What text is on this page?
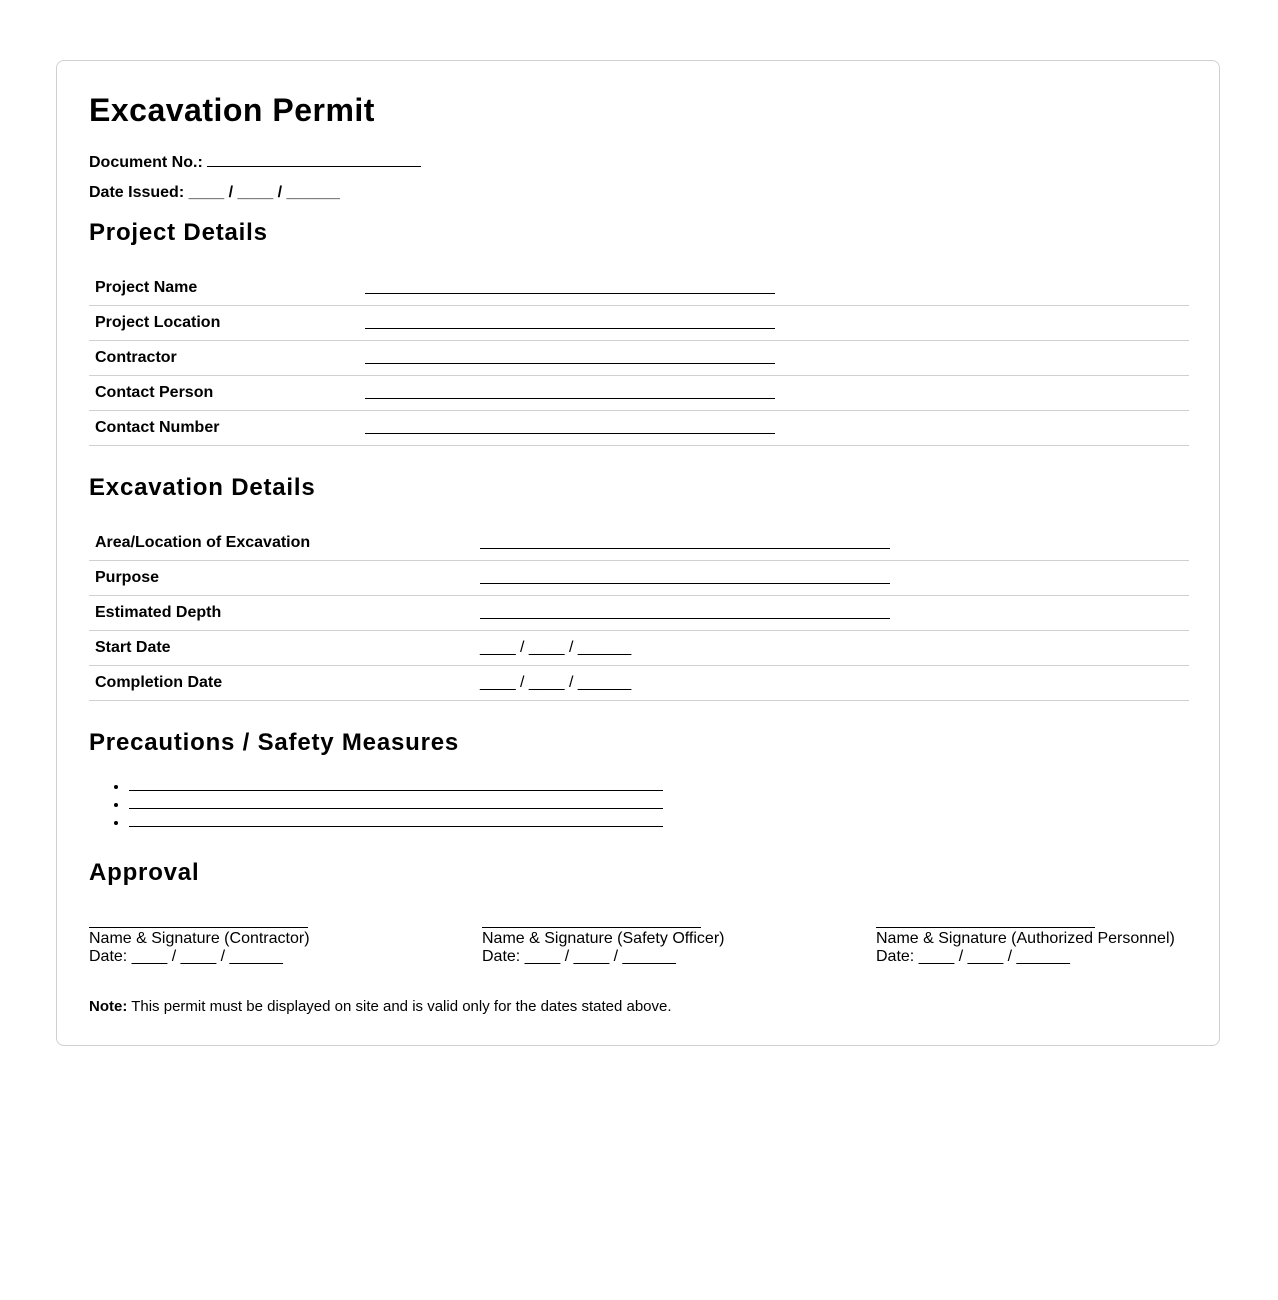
Excavation Permit
Document No.:
Date Issued: ____ / ____ / ______
Project Details
Project Name	
Project Location	
Contractor	
Contact Person	
Contact Number	
Excavation Details
Area/Location of Excavation	
Purpose	
Estimated Depth	
Start Date	____ / ____ / ______
Completion Date	____ / ____ / ______
Precautions / Safety Measures
•
•
•
Approval
Name & Signature (Contractor)
Date: ____ / ____ / ______
Name & Signature (Safety Officer)
Date: ____ / ____ / ______
Name & Signature (Authorized Personnel)
Date: ____ / ____ / ______
Note: This permit must be displayed on site and is valid only for the dates stated above.
